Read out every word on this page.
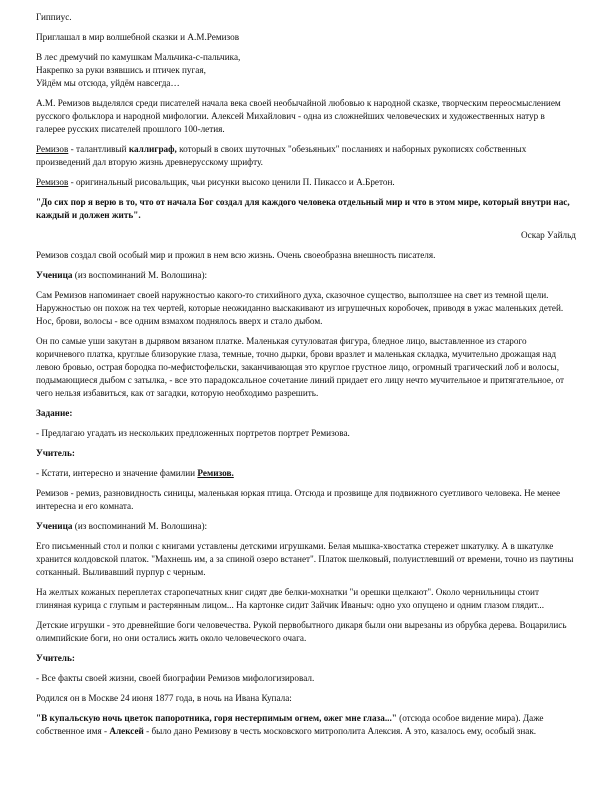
Гиппиус.

Приглашал в мир волшебной сказки и А.М.Ремизов

В лес дремучий по камушкам Мальчика-с-пальчика,
Накрепко за руки взявшись и птичек пугая,
Уйдём мы отсюда, уйдём навсегда…

А.М. Ремизов выделялся среди писателей начала века своей необычайной любовью к народной сказке, творческим переосмыслением русского фольклора и народной мифологии. Алексей Михайлович - одна из сложнейших человеческих и художественных натур в галерее русских писателей прошлого 100-летия.

Ремизов - талантливый каллиграф, который в своих шуточных "обезьяньих" посланиях и наборных рукописях собственных произведений дал вторую жизнь древнерусскому шрифту.

Ремизов - оригинальный рисовальщик, чьи рисунки высоко ценили П. Пикассо и А.Бретон.

"До сих пор я верю в то, что от начала Бог создал для каждого человека отдельный мир и что в этом мире, который внутри нас, каждый и должен жить".

Оскар Уайльд

Ремизов создал свой особый мир и прожил в нем всю жизнь. Очень своеобразна внешность писателя.

Ученица (из воспоминаний М. Волошина):

Сам Ремизов напоминает своей наружностью какого-то стихийного духа, сказочное существо, выползшее на свет из темной щели. Наружностью он похож на тех чертей, которые неожиданно выскакивают из игрушечных коробочек, приводя в ужас маленьких детей. Нос, брови, волосы - все одним взмахом поднялось вверх и стало дыбом.

Он по самые уши закутан в дырявом вязаном платке. Маленькая сутуловатая фигура, бледное лицо, выставленное из старого коричневого платка, круглые близорукие глаза, темные, точно дырки, брови вразлет и маленькая складка, мучительно дрожащая над левою бровью, острая бородка по-мефистофельски, заканчивающая это круглое грустное лицо, огромный трагический лоб и волосы, подымающиеся дыбом с затылка, - все это парадоксальное сочетание линий придает его лицу нечто мучительное и притягательное, от чего нельзя избавиться, как от загадки, которую необходимо разрешить.

Задание:

- Предлагаю угадать из нескольких предложенных портретов портрет Ремизова.

Учитель:

- Кстати, интересно и значение фамилии Ремизов.

Ремизов - ремиз, разновидность синицы, маленькая юркая птица. Отсюда и прозвище для подвижного суетливого человека. Не менее интересна и его комната.

Ученица (из воспоминаний М. Волошина):

Его письменный стол и полки с книгами уставлены детскими игрушками. Белая мышка-хвостатка стережет шкатулку. А в шкатулке хранится колдовской платок. "Махнешь им, а за спиной озеро встанет". Платок шелковый, полуистлевший от времени, точно из паутины сотканный. Выливавший пурпур с черным.

На желтых кожаных переплетах старопечатных книг сидят две белки-мохнатки "и орешки щелкают". Около чернильницы стоит глиняная курица с глупым и растерянным лицом... На картонке сидит Зайчик Иваныч: одно ухо опущено и одним глазом глядит...

Детские игрушки - это древнейшие боги человечества. Рукой первобытного дикаря были они вырезаны из обрубка дерева. Воцарились олимпийские боги, но они остались жить около человеческого очага.

Учитель:

- Все факты своей жизни, своей биографии Ремизов мифологизировал.

Родился он в Москве 24 июня 1877 года, в ночь на Ивана Купала:

"В купальскую ночь цветок папоротника, горя нестерпимым огнем, ожег мне глаза..." (отсюда особое видение мира). Даже собственное имя - Алексей - было дано Ремизову в честь московского митрополита Алексия. А это, казалось ему, особый знак.
